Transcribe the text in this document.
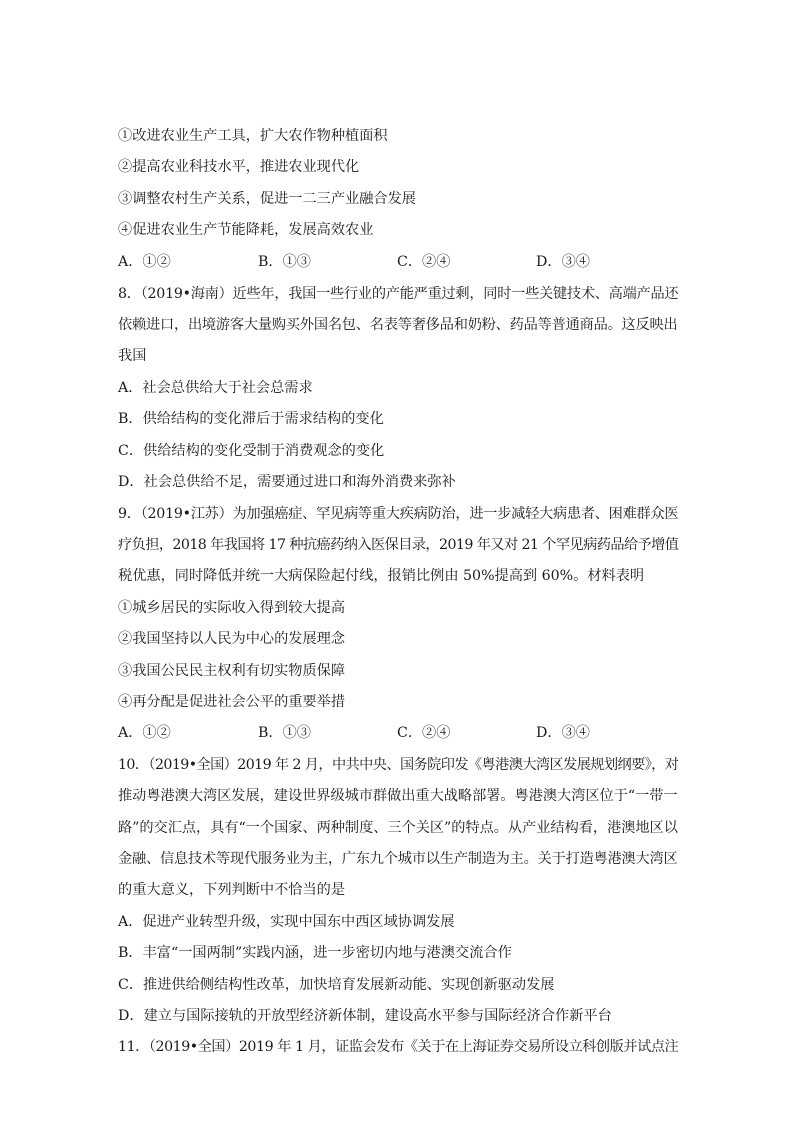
①改进农业生产工具，扩大农作物种植面积
②提高农业科技水平，推进农业现代化
③调整农村生产关系，促进一二三产业融合发展
④促进农业生产节能降耗，发展高效农业
A．①②	B．①③	C．②④	D．③④
8．（2019•海南）近些年，我国一些行业的产能严重过剩，同时一些关键技术、高端产品还
依赖进口，出境游客大量购买外国名包、名表等奢侈品和奶粉、药品等普通商品。这反映出
我国
A．社会总供给大于社会总需求
B．供给结构的变化滞后于需求结构的变化
C．供给结构的变化受制于消费观念的变化
D．社会总供给不足，需要通过进口和海外消费来弥补
9．（2019•江苏）为加强癌症、罕见病等重大疾病防治，进一步减轻大病患者、困难群众医
疗负担，2018 年我国将 17 种抗癌药纳入医保目录，2019 年又对 21 个罕见病药品给予增值
税优惠，同时降低并统一大病保险起付线，报销比例由 50%提高到 60%。材料表明
①城乡居民的实际收入得到较大提高
②我国坚持以人民为中心的发展理念
③我国公民民主权利有切实物质保障
④再分配是促进社会公平的重要举措
A．①②	B．①③	C．②④	D．③④
10．（2019•全国）2019 年 2 月，中共中央、国务院印发《粤港澳大湾区发展规划纲要》，对
推动粤港澳大湾区发展，建设世界级城市群做出重大战略部署。粤港澳大湾区位于“一带一
路”的交汇点，具有“一个国家、两种制度、三个关区”的特点。从产业结构看，港澳地区以
金融、信息技术等现代服务业为主，广东九个城市以生产制造为主。关于打造粤港澳大湾区
的重大意义，下列判断中不恰当的是
A．促进产业转型升级，实现中国东中西区域协调发展
B．丰富“一国两制”实践内涵，进一步密切内地与港澳交流合作
C．推进供给侧结构性改革，加快培育发展新动能、实现创新驱动发展
D．建立与国际接轨的开放型经济新体制，建设高水平参与国际经济合作新平台
11．（2019•全国）2019 年 1 月，证监会发布《关于在上海证券交易所设立科创版并试点注
